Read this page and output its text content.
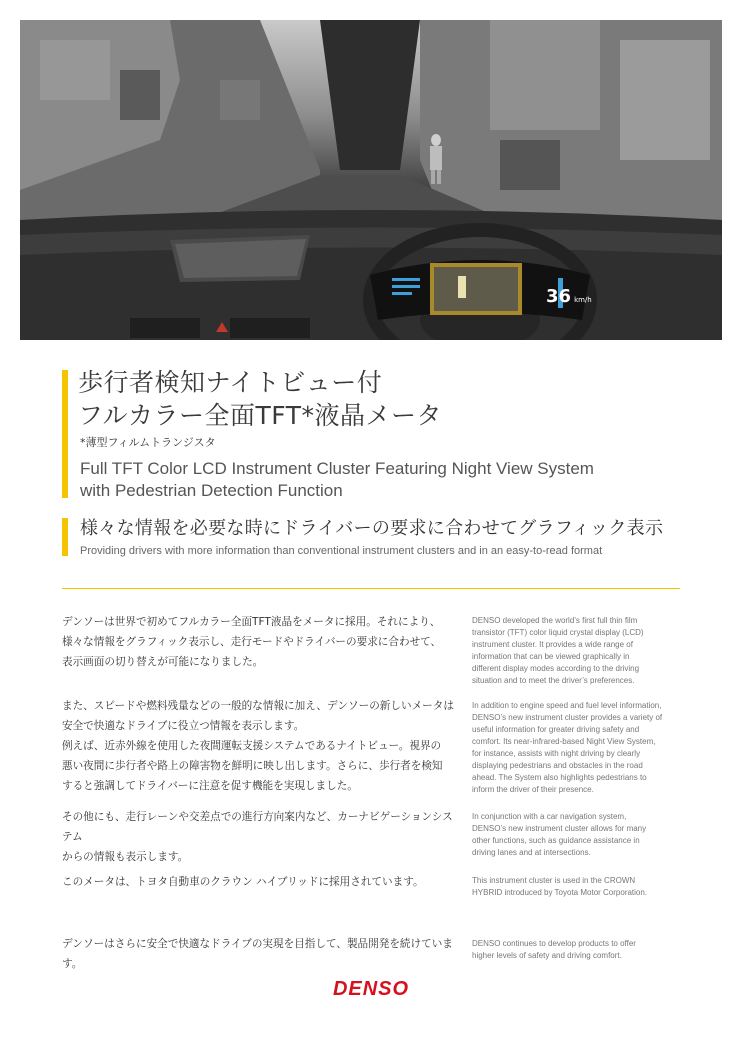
36 km/h
歩行者検知ナイトビュー付
フルカラー全面TFT*液晶メータ
*薄型フィルムトランジスタ
Full TFT Color LCD Instrument Cluster Featuring Night View System
with Pedestrian Detection Function
様々な情報を必要な時にドライバーの要求に合わせてグラフィック表示
Providing drivers with more information than conventional instrument clusters and in an easy-to-read format
デンソーは世界で初めてフルカラー全面TFT液晶をメータに採用。それにより、
様々な情報をグラフィック表示し、走行モードやドライバーの要求に合わせて、
表示画面の切り替えが可能になりました。
DENSO developed the world’s first full thin film
transistor (TFT) color liquid crystal display (LCD)
instrument cluster. It provides a wide range of
information that can be viewed graphically in
different display modes according to the driving
situation and to meet the driver’s preferences.
また、スピードや燃料残量などの一般的な情報に加え、デンソーの新しいメータは
安全で快適なドライブに役立つ情報を表示します。
例えば、近赤外線を使用した夜間運転支援システムであるナイトビュー。視界の
悪い夜間に歩行者や路上の障害物を鮮明に映し出します。さらに、歩行者を検知
すると強調してドライバーに注意を促す機能を実現しました。
In addition to engine speed and fuel level information,
DENSO’s new instrument cluster provides a variety of
useful information for greater driving safety and
comfort. Its near-infrared-based Night View System,
for instance, assists with night driving by clearly
displaying pedestrians and obstacles in the road
ahead. The System also highlights pedestrians to
inform the driver of their presence.
その他にも、走行レーンや交差点での進行方向案内など、カーナビゲーションシステム
からの情報も表示します。
In conjunction with a car navigation system,
DENSO’s new instrument cluster allows for many
other functions, such as guidance assistance in
driving lanes and at intersections.
このメータは、トヨタ自動車のクラウン ハイブリッドに採用されています。	This instrument cluster is used in the CROWN
HYBRID introduced by Toyota Motor Corporation.
デンソーはさらに安全で快適なドライブの実現を目指して、製品開発を続けています。
DENSO continues to develop products to offer
higher levels of safety and driving comfort.
DENSO
